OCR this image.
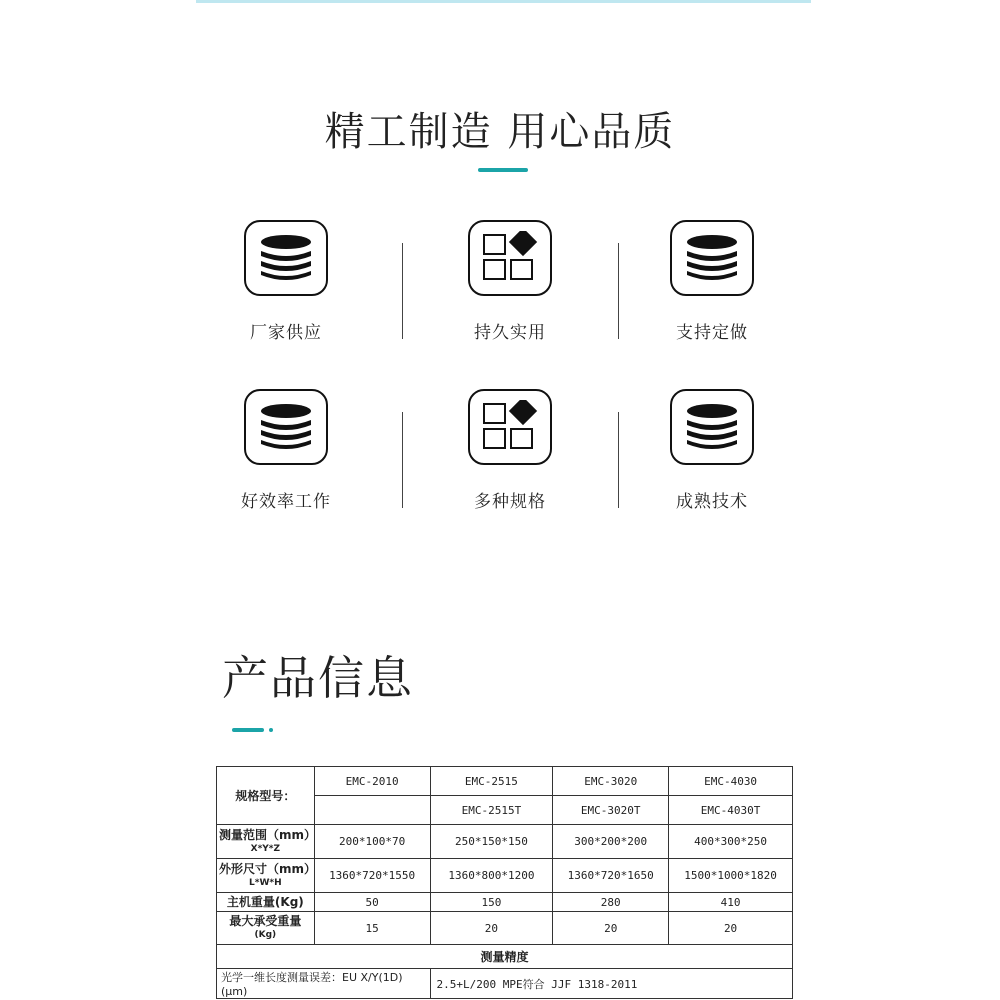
精工制造 用心品质
厂家供应	持久实用	支持定做
好效率工作	多种规格	成熟技术
产品信息
规格型号：	EMC-2010	EMC-2515	EMC-3020	EMC-4030
		EMC-2515T	EMC-3020T	EMC-4030T
测量范围（mm）
X*Y*Z	200*100*70	250*150*150	300*200*200	400*300*250
外形尺寸（mm）
L*W*H	1360*720*1550	1360*800*1200	1360*720*1650	1500*1000*1820
主机重量(Kg)	50	150	280	410
最大承受重量
(Kg)	15	20	20	20
测量精度				
光学一维长度测量误差：EU X/Y(1D)(μm)		2.5+L/200 MPE符合 JJF 1318-2011		
